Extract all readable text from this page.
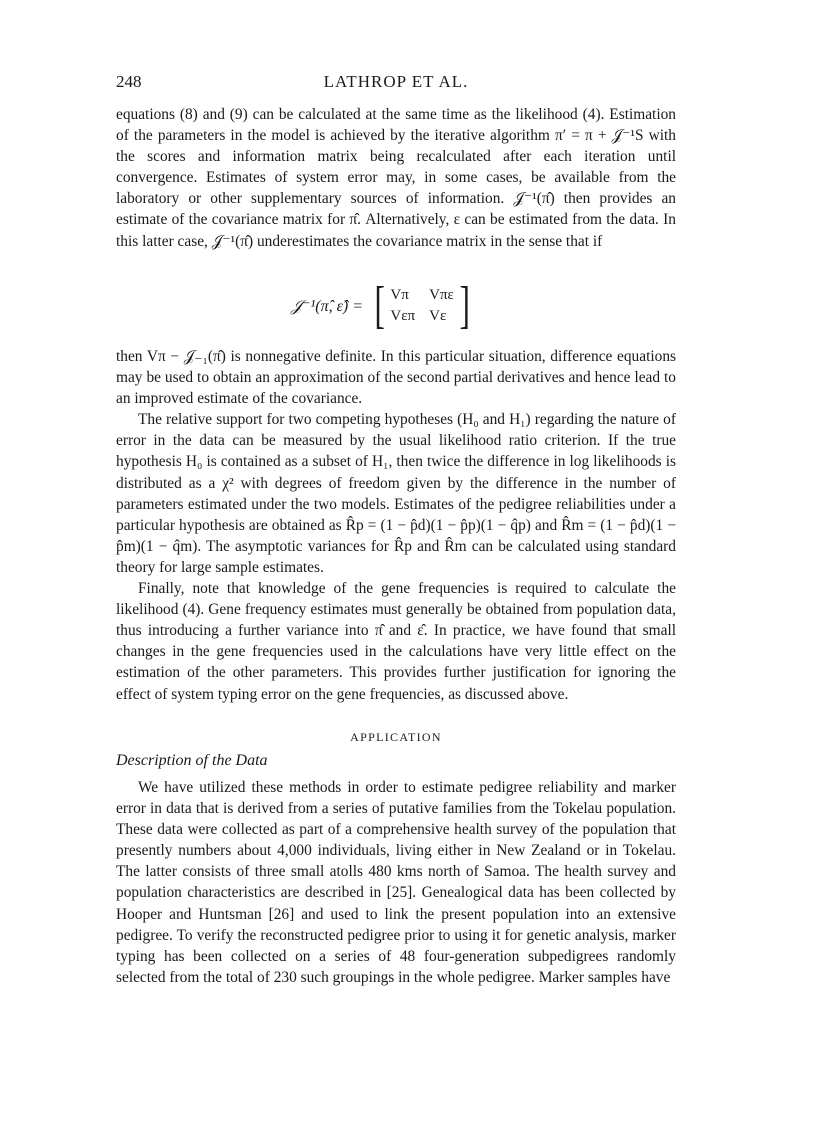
248	LATHROP ET AL.

equations (8) and (9) can be calculated at the same time as the likelihood (4). Estimation of the parameters in the model is achieved by the iterative algorithm π′ = π + 𝒥⁻¹S with the scores and information matrix being recalculated after each iteration until convergence. Estimates of system error may, in some cases, be available from the laboratory or other supplementary sources of information. 𝒥⁻¹(π̂) then provides an estimate of the covariance matrix for π̂. Alternatively, ε can be estimated from the data. In this latter case, 𝒥⁻¹(π̂) underestimates the covariance matrix in the sense that if

𝒥⁻¹(π̂, ε̂) = [ Vπ	Vπε
Vεπ Vε ]

then Vπ − 𝒥₋₁(π̂) is nonnegative definite. In this particular situation, difference equations may be used to obtain an approximation of the second partial derivatives and hence lead to an improved estimate of the covariance.

The relative support for two competing hypotheses (H₀ and H₁) regarding the nature of error in the data can be measured by the usual likelihood ratio criterion. If the true hypothesis H₀ is contained as a subset of H₁, then twice the difference in log likelihoods is distributed as a χ² with degrees of freedom given by the difference in the number of parameters estimated under the two models. Estimates of the pedigree reliabilities under a particular hypothesis are obtained as R̂p = (1 − p̂d)(1 − p̂p)(1 − q̂p) and R̂m = (1 − p̂d)(1 − p̂m)(1 − q̂m). The asymptotic variances for R̂p and R̂m can be calculated using standard theory for large sample estimates.

Finally, note that knowledge of the gene frequencies is required to calculate the likelihood (4). Gene frequency estimates must generally be obtained from population data, thus introducing a further variance into π̂ and ε̂. In practice, we have found that small changes in the gene frequencies used in the calculations have very little effect on the estimation of the other parameters. This provides further justification for ignoring the effect of system typing error on the gene frequencies, as discussed above.

APPLICATION
Description of the Data

We have utilized these methods in order to estimate pedigree reliability and marker error in data that is derived from a series of putative families from the Tokelau population. These data were collected as part of a comprehensive health survey of the population that presently numbers about 4,000 individuals, living either in New Zealand or in Tokelau. The latter consists of three small atolls 480 kms north of Samoa. The health survey and population characteristics are described in [25]. Genealogical data has been collected by Hooper and Huntsman [26] and used to link the present population into an extensive pedigree. To verify the reconstructed pedigree prior to using it for genetic analysis, marker typing has been collected on a series of 48 four-generation subpedigrees randomly selected from the total of 230 such groupings in the whole pedigree. Marker samples have
